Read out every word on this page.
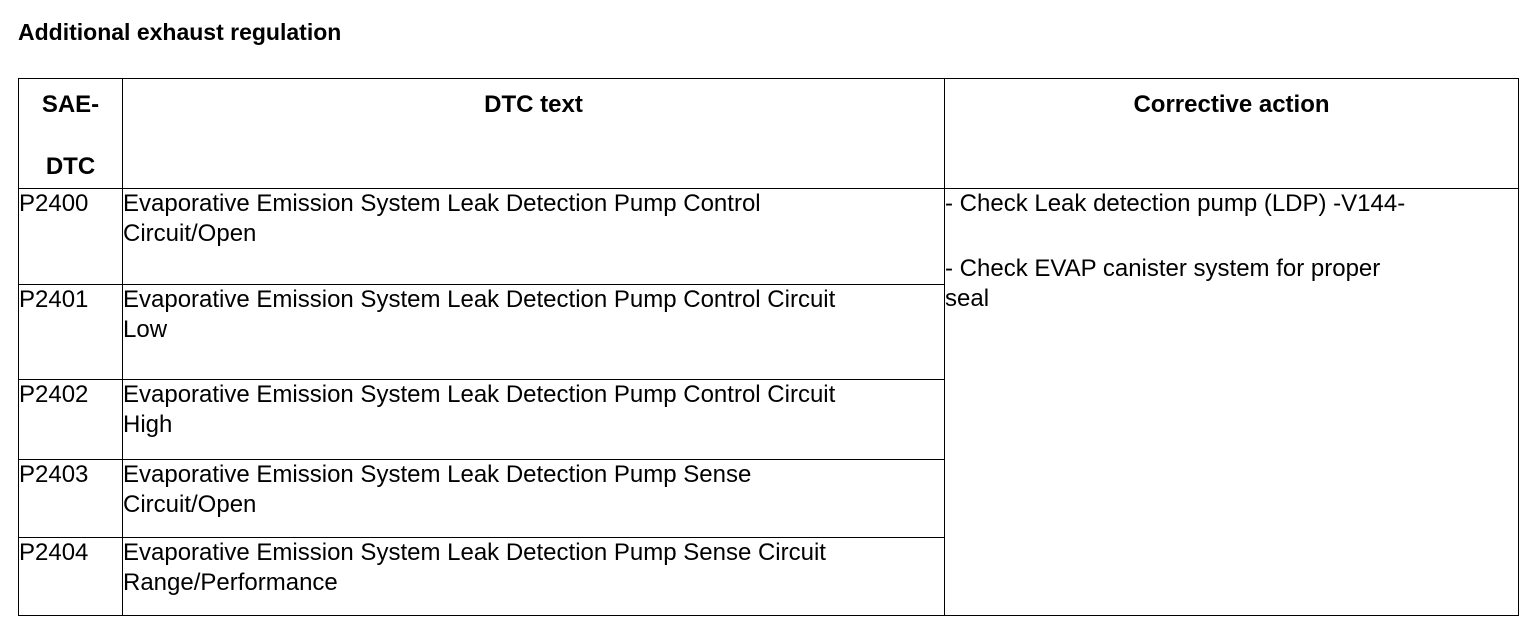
Additional exhaust regulation
SAE-
DTC	DTC text	Corrective action

P2400	Evaporative Emission System Leak Detection Pump Control
Circuit/Open	- Check Leak detection pump (LDP) -V144-
- Check EVAP canister system for proper
seal

P2401	Evaporative Emission System Leak Detection Pump Control Circuit
Low	
P2402	Evaporative Emission System Leak Detection Pump Control Circuit
High	
P2403	Evaporative Emission System Leak Detection Pump Sense
Circuit/Open	
P2404	Evaporative Emission System Leak Detection Pump Sense Circuit
Range/Performance	
